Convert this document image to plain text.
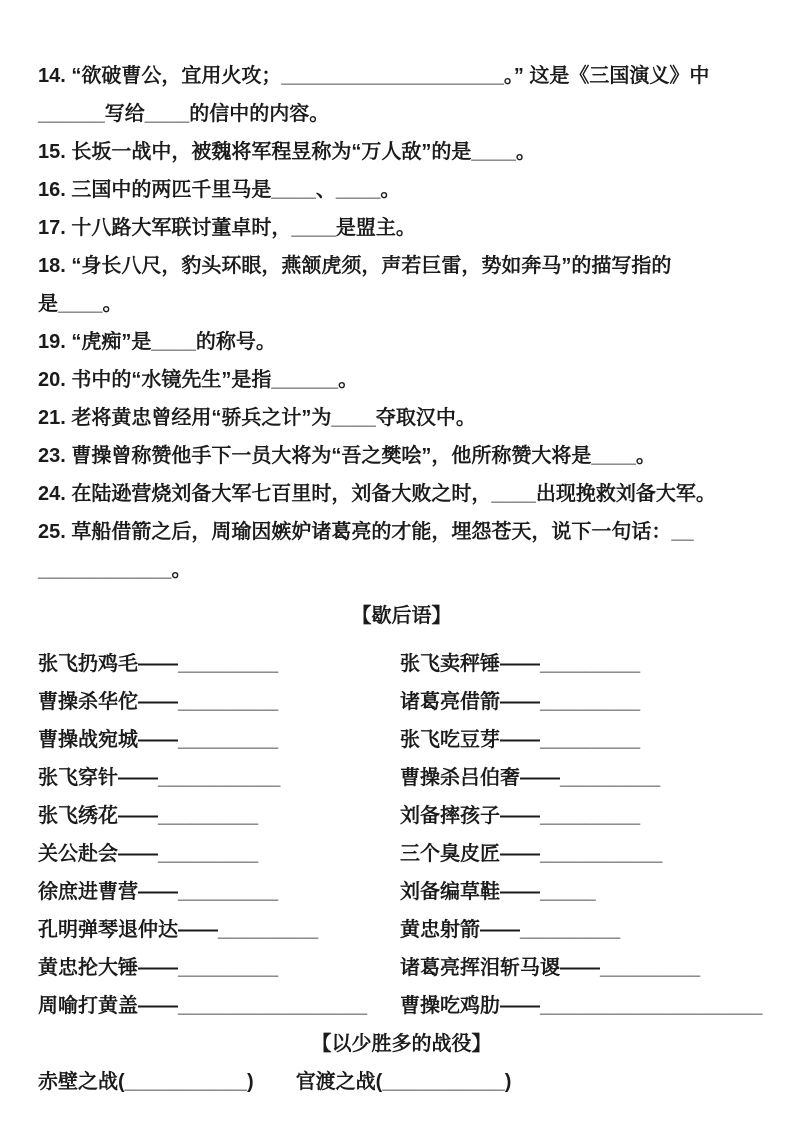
14. “欲破曹公，宜用火攻；____________________。” 这是《三国演义》中
______写给____的信中的内容。
15. 长坂一战中，被魏将军程昱称为“万人敌”的是____。
16. 三国中的两匹千里马是____、____。
17. 十八路大军联讨董卓时，____是盟主。
18. “身长八尺，豹头环眼，燕颔虎须，声若巨雷，势如奔马”的描写指的
是____。
19. “虎痴”是____的称号。
20. 书中的“水镜先生”是指______。
21. 老将黄忠曾经用“骄兵之计”为____夺取汉中。
23. 曹操曾称赞他手下一员大将为“吾之樊哙”，他所称赞大将是____。
24. 在陆逊营烧刘备大军七百里时，刘备大败之时，____出现挽救刘备大军。
25. 草船借箭之后，周瑜因嫉妒诸葛亮的才能，埋怨苍天，说下一句话：__
____________。
【歇后语】
张飞扔鸡毛——_________	张飞卖秤锤——_________
曹操杀华佗——_________	诸葛亮借箭——_________
曹操战宛城——_________	张飞吃豆芽——_________
张飞穿针——___________	曹操杀吕伯奢——_________
张飞绣花——_________	刘备摔孩子——_________
关公赴会——_________	三个臭皮匠——___________
徐庶进曹营——_________	刘备编草鞋——_____
孔明弹琴退仲达——_________	黄忠射箭——_________
黄忠抡大锤——_________	诸葛亮挥泪斩马谡——_________
周喻打黄盖——_________________	曹操吃鸡肋——____________________
【以少胜多的战役】
赤壁之战(___________) 官渡之战(___________)
